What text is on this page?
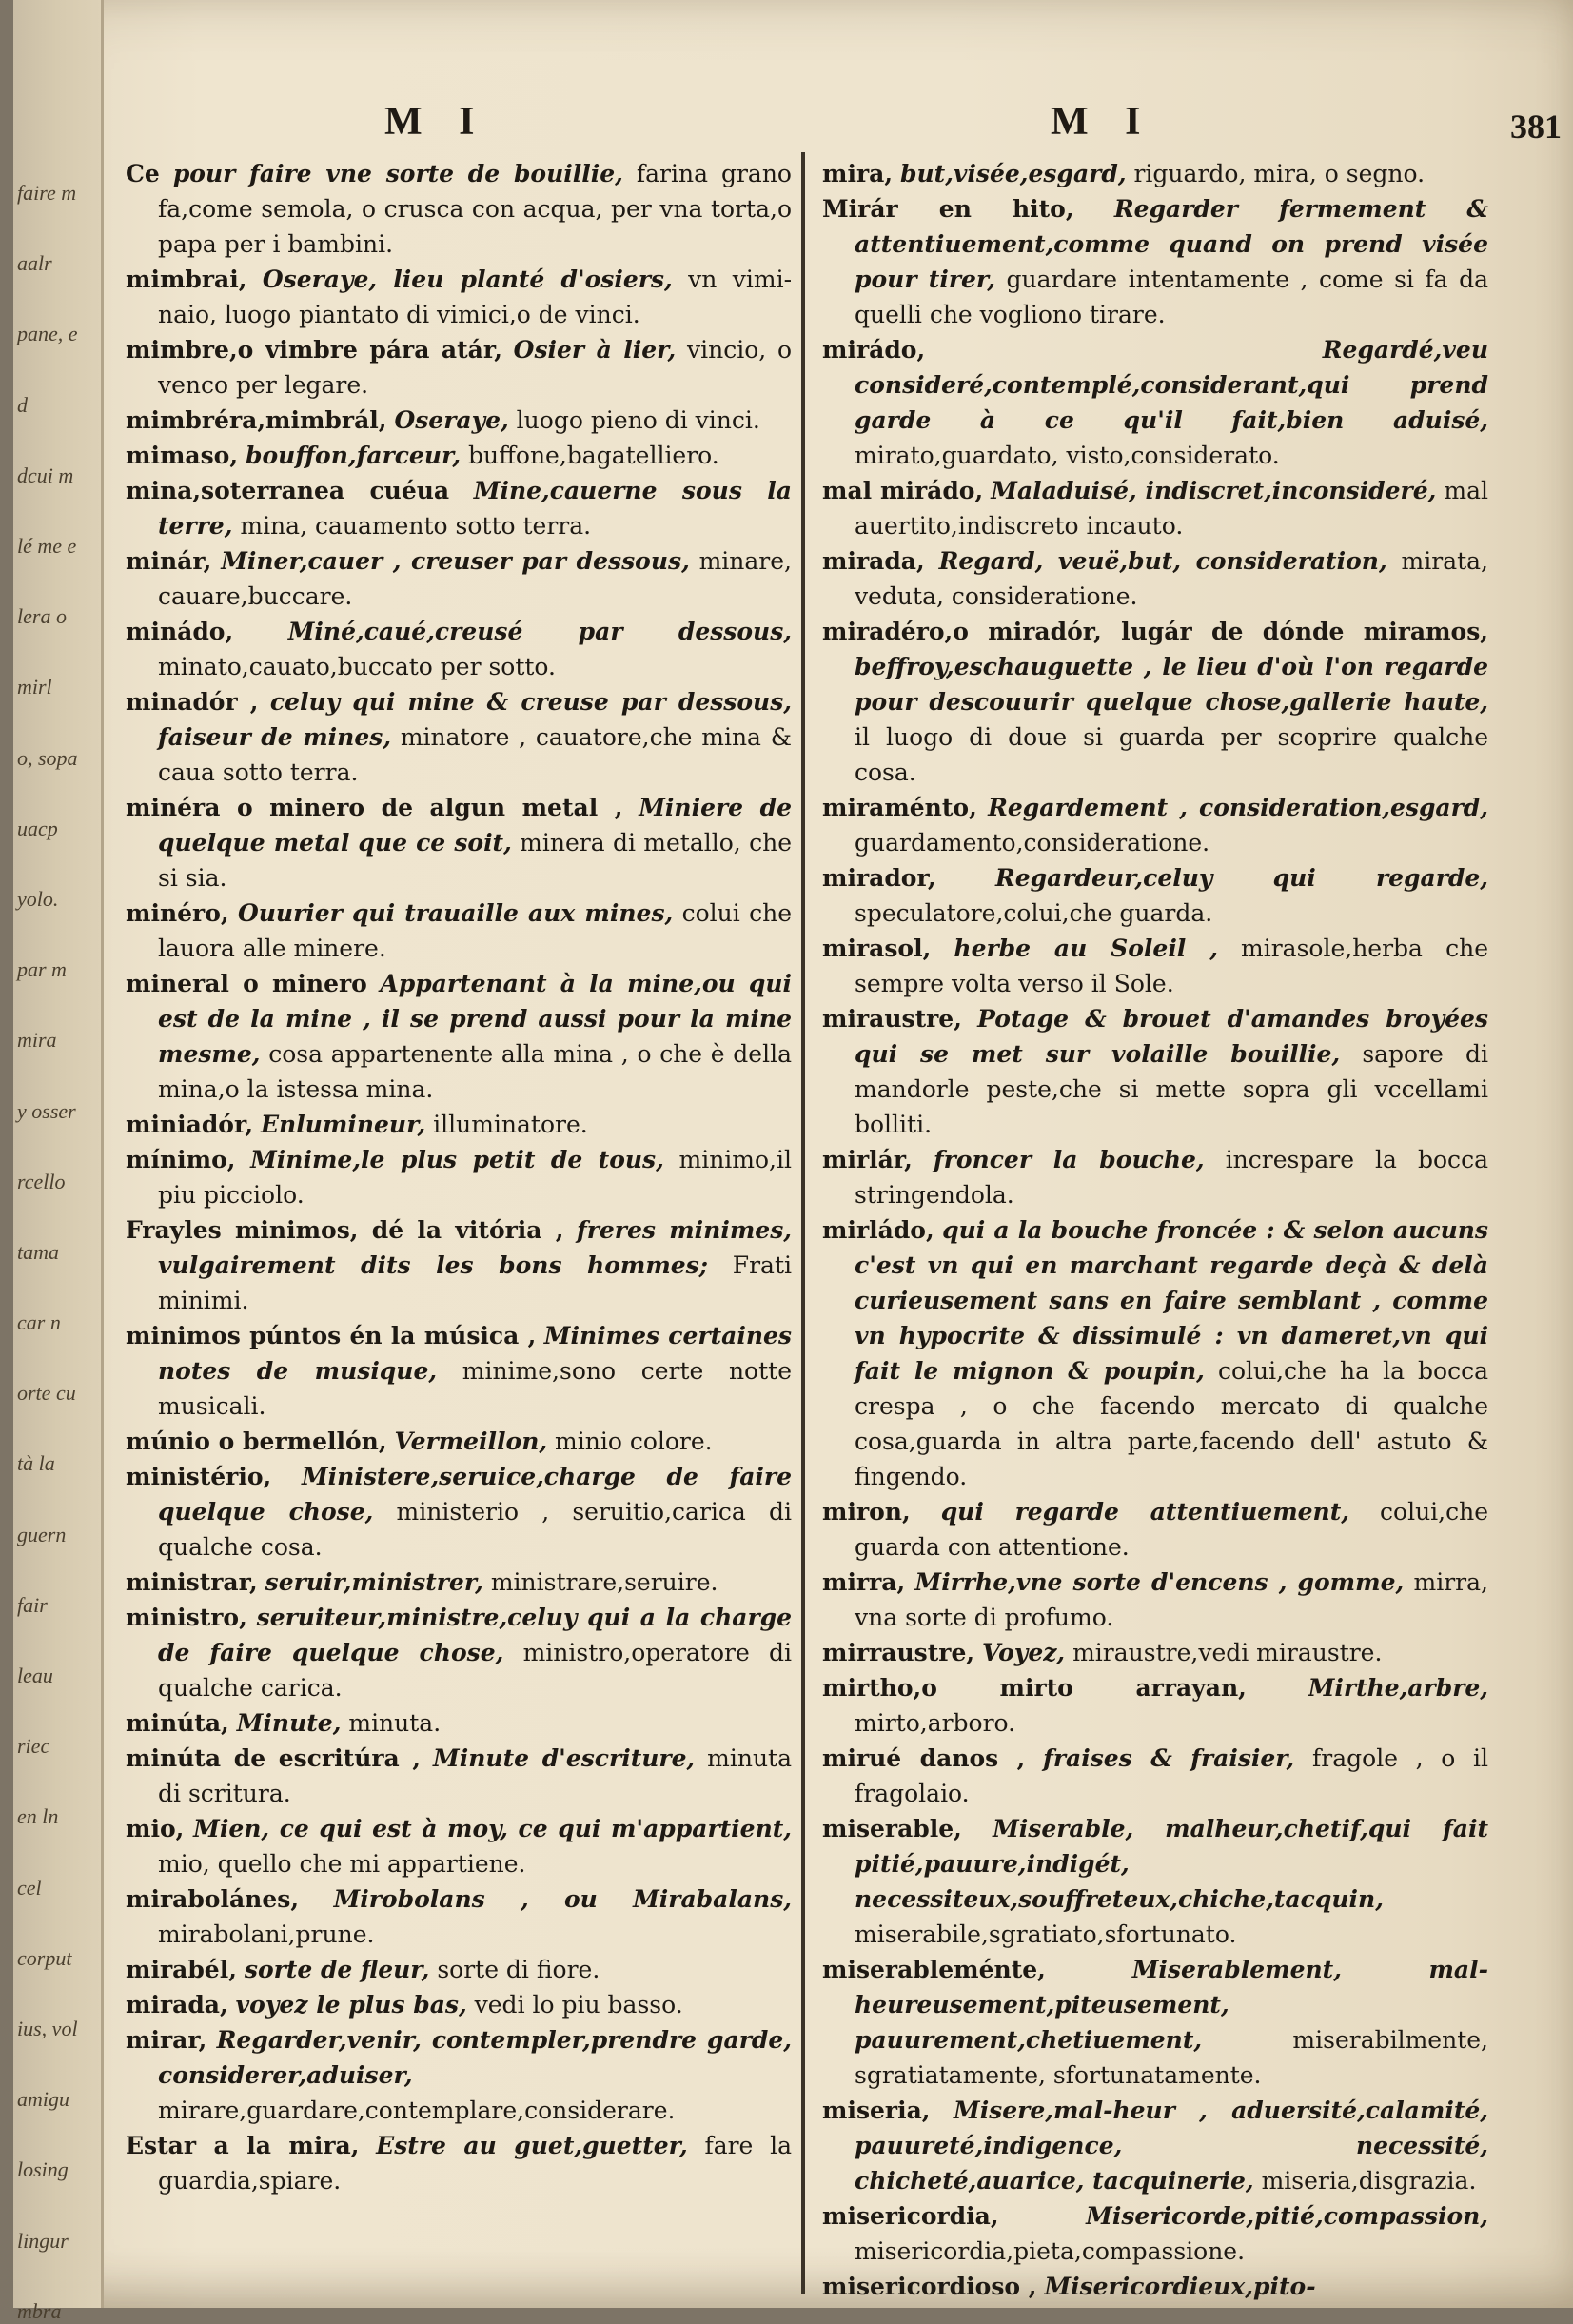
faire m
aalr
pane, e
d
dcui m
lé me e
lera o
mirl
o, sopa
uacp
yolo.
par m
mira
y osser
rcello
tama
car n
orte cu
tà la
guern
fair
leau
riec
en ln
cel
corput
ius, vol
amigu
losing
lingur
mbra
M I	M I	381
Ce pour faire vne sorte de bouillie, farina grano fa,come semola, o crusca con acqua, per vna torta,o papa per i bambini.
mimbrai, Oseraye, lieu planté d'osiers, vn vimi-naio, luogo piantato di vimici,o de vinci.
mimbre,o vimbre pára atár, Osier à lier, vincio, o venco per legare.
mimbréra,mimbrál, Oseraye, luogo pieno di vinci.
mimaso, bouffon,farceur, buffone,bagatelliero.
mina,soterranea cuéua Mine,cauerne sous la terre, mina, cauamento sotto terra.
minár, Miner,cauer , creuser par dessous, minare, cauare,buccare.
minádo, Miné,caué,creusé par dessous, minato,cauato,buccato per sotto.
minadór , celuy qui mine & creuse par dessous, faiseur de mines, minatore , cauatore,che mina & caua sotto terra.
minéra o minero de algun metal , Miniere de quelque metal que ce soit, minera di metallo, che si sia.
minéro, Ouurier qui trauaille aux mines, colui che lauora alle minere.
mineral o minero Appartenant à la mine,ou qui est de la mine , il se prend aussi pour la mine mesme, cosa appartenente alla mina , o che è della mina,o la istessa mina.
miniadór, Enlumineur, illuminatore.
mínimo, Minime,le plus petit de tous, minimo,il piu picciolo.
Frayles minimos, dé la vitória , freres minimes, vulgairement dits les bons hommes; Frati minimi.
minimos púntos én la música , Minimes certaines notes de musique, minime,sono certe notte musicali.
múnio o bermellón, Vermeillon, minio colore.
ministério, Ministere,seruice,charge de faire quelque chose, ministerio , seruitio,carica di qualche cosa.
ministrar, seruir,ministrer, ministrare,seruire.
ministro, seruiteur,ministre,celuy qui a la charge de faire quelque chose, ministro,operatore di qualche carica.
minúta, Minute, minuta.
minúta de escritúra , Minute d'escriture, minuta di scritura.
mio, Mien, ce qui est à moy, ce qui m'appartient, mio, quello che mi appartiene.
mirabolánes, Mirobolans , ou Mirabalans, mirabolani,prune.
mirabél, sorte de fleur, sorte di fiore.
mirada, voyez le plus bas, vedi lo piu basso.
mirar, Regarder,venir, contempler,prendre garde, considerer,aduiser, mirare,guardare,contemplare,considerare.
Estar a la mira, Estre au guet,guetter, fare la guardia,spiare.
mira, but,visée,esgard, riguardo, mira, o segno.
Mirár en hito, Regarder fermement & attentiuement,comme quand on prend visée pour tirer, guardare intentamente , come si fa da quelli che vogliono tirare.
mirádo,	Regardé,veu consideré,contemplé,considerant,qui prend garde à ce qu'il fait,bien aduisé, mirato,guardato, visto,considerato.
mal mirádo, Maladuisé, indiscret,inconsideré, mal auertito,indiscreto incauto.
mirada, Regard, veuë,but, consideration, mirata, veduta, consideratione.
miradéro,o miradór, lugár de dónde miramos, beffroy,eschauguette , le lieu d'où l'on regarde pour descouurir quelque chose,gallerie haute, il luogo di doue si guarda per scoprire qualche cosa.
miraménto, Regardement , consideration,esgard, guardamento,consideratione.
mirador, Regardeur,celuy qui regarde, speculatore,colui,che guarda.
mirasol, herbe au Soleil , mirasole,herba che sempre volta verso il Sole.
miraustre, Potage & brouet d'amandes broyées qui se met sur volaille bouillie, sapore di mandorle peste,che si mette sopra gli vccellami bolliti.
mirlár, froncer la bouche, increspare la bocca stringendola.
mirládo, qui a la bouche froncée : & selon aucuns c'est vn qui en marchant regarde deçà & delà curieusement sans en faire semblant , comme vn hypocrite & dissimulé : vn dameret,vn qui fait le mignon & poupin, colui,che ha la bocca crespa , o che facendo mercato di qualche cosa,guarda in altra parte,facendo dell' astuto & fingendo.
miron, qui regarde attentiuement, colui,che guarda con attentione.
mirra, Mirrhe,vne sorte d'encens , gomme, mirra, vna sorte di profumo.
mirraustre, Voyez, miraustre,vedi miraustre.
mirtho,o mirto arrayan,	Mirthe,arbre, mirto,arboro.
mirué danos , fraises & fraisier, fragole , o il fragolaio.
miserable, Miserable, malheur,chetif,qui fait pitié,pauure,indigét, necessiteux,souffreteux,chiche,tacquin, miserabile,sgratiato,sfortunato.
miserableménte,	Miserablement, mal-heureusement,piteusement, pauurement,chetiuement,	miserabilmente, sgratiatamente, sfortunatamente.
miseria, Misere,mal-heur , aduersité,calamité, pauureté,indigence, necessité, chicheté,auarice, tacquinerie, miseria,disgrazia.
misericordia,	Misericorde,pitié,compassion, misericordia,pieta,compassione.
misericordioso , Misericordieux,pito-
